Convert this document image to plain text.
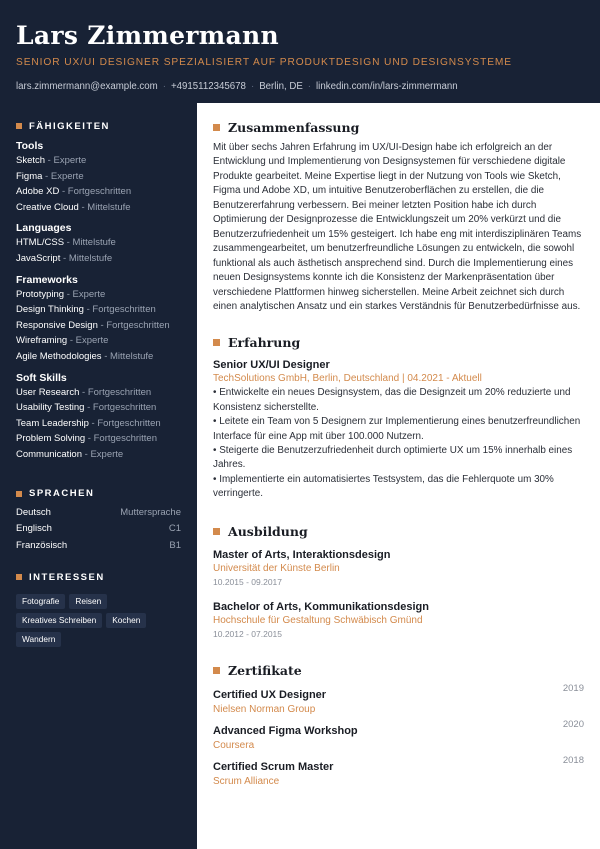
Lars Zimmermann
SENIOR UX/UI DESIGNER SPEZIALISIERT AUF PRODUKTDESIGN UND DESIGNSYSTEME
lars.zimmermann@example.com · +4915112345678 · Berlin, DE · linkedin.com/in/lars-zimmermann
FÄHIGKEITEN
Tools
Sketch - Experte
Figma - Experte
Adobe XD - Fortgeschritten
Creative Cloud - Mittelstufe
Languages
HTML/CSS - Mittelstufe
JavaScript - Mittelstufe
Frameworks
Prototyping - Experte
Design Thinking - Fortgeschritten
Responsive Design - Fortgeschritten
Wireframing - Experte
Agile Methodologies - Mittelstufe
Soft Skills
User Research - Fortgeschritten
Usability Testing - Fortgeschritten
Team Leadership - Fortgeschritten
Problem Solving - Fortgeschritten
Communication - Experte
SPRACHEN
Deutsch	Muttersprache
Englisch	C1
Französisch	B1
INTERESSEN
Fotografie	Reisen
Kreatives Schreiben	Kochen
Wandern
Zusammenfassung
Mit über sechs Jahren Erfahrung im UX/UI-Design habe ich erfolgreich an der Entwicklung und Implementierung von Designsystemen für verschiedene digitale Produkte gearbeitet. Meine Expertise liegt in der Nutzung von Tools wie Sketch, Figma und Adobe XD, um intuitive Benutzeroberflächen zu erstellen, die die Benutzererfahrung verbessern. Bei meiner letzten Position habe ich durch Optimierung der Designprozesse die Entwicklungszeit um 20% verkürzt und die Benutzerzufriedenheit um 15% gesteigert. Ich habe eng mit interdisziplinären Teams zusammengearbeitet, um benutzerfreundliche Lösungen zu entwickeln, die sowohl funktional als auch ästhetisch ansprechend sind. Durch die Implementierung eines neuen Designsystems konnte ich die Konsistenz der Markenpräsentation über verschiedene Plattformen hinweg sicherstellen. Meine Arbeit zeichnet sich durch einen analytischen Ansatz und ein starkes Verständnis für Benutzerbedürfnisse aus.
Erfahrung
Senior UX/UI Designer
TechSolutions GmbH, Berlin, Deutschland | 04.2021 - Aktuell
• Entwickelte ein neues Designsystem, das die Designzeit um 20% reduzierte und Konsistenz sicherstellte.
• Leitete ein Team von 5 Designern zur Implementierung eines benutzerfreundlichen Interface für eine App mit über 100.000 Nutzern.
• Steigerte die Benutzerzufriedenheit durch optimierte UX um 15% innerhalb eines Jahres.
• Implementierte ein automatisiertes Testsystem, das die Fehlerquote um 30% verringerte.
Ausbildung
Master of Arts, Interaktionsdesign
Universität der Künste Berlin
10.2015 - 09.2017
Bachelor of Arts, Kommunikationsdesign
Hochschule für Gestaltung Schwäbisch Gmünd
10.2012 - 07.2015
Zertifikate
Certified UX Designer
Nielsen Norman Group
2019
Advanced Figma Workshop
Coursera
2020
Certified Scrum Master
Scrum Alliance
2018
